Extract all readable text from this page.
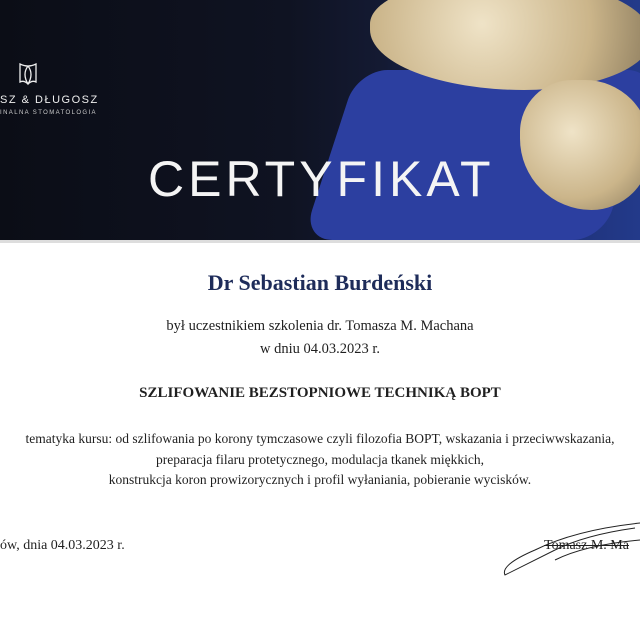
SZ & DŁUGOSZ
INALNA STOMATOLOGIA
CERTYFIKAT
Dr Sebastian Burdeński
był uczestnikiem szkolenia dr. Tomasza M. Machana
w dniu 04.03.2023 r.
SZLIFOWANIE BEZSTOPNIOWE TECHNIKĄ BOPT
tematyka kursu: od szlifowania po korony tymczasowe czyli filozofia BOPT, wskazania i przeciwwskazania,
preparacja filaru protetycznego, modulacja tkanek miękkich,
konstrukcja koron prowizorycznych i profil wyłaniania, pobieranie wycisków.
ów, dnia 04.03.2023 r.	Tomasz M. Ma
